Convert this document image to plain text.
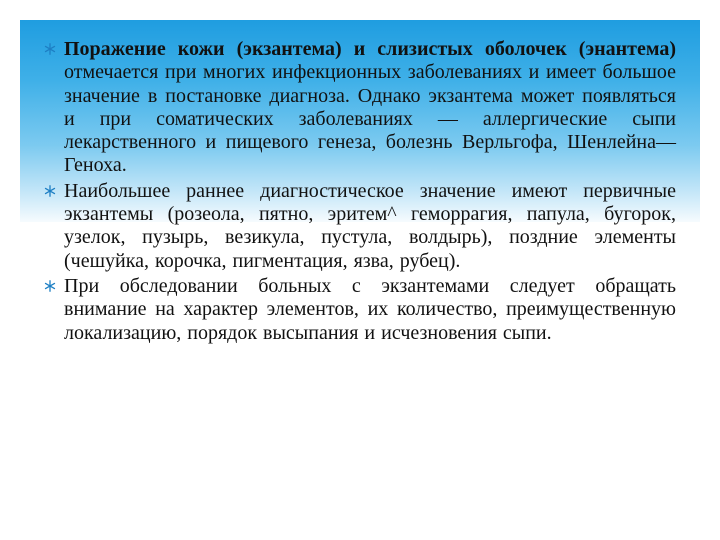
Поражение кожи (экзантема) и слизистых оболочек (энантема) отмечается при многих инфекционных заболеваниях и имеет большое значение в постановке диагноза. Однако экзантема может появляться и при соматических заболеваниях — аллергические сыпи лекарственного и пищевого генеза, болезнь Верльгофа, Шенлейна—Геноха.
Наибольшее раннее диагностическое значение имеют первичные экзантемы (розеола, пятно, эритем^ геморрагия, папула, бугорок, узелок, пузырь, везикула, пустула, волдырь), поздние элементы (чешуйка, корочка, пигментация, язва, рубец).
При обследовании больных с экзантемами следует обращать внимание на характер элементов, их количество, преимущественную локализацию, порядок высыпания и исчезновения сыпи.
